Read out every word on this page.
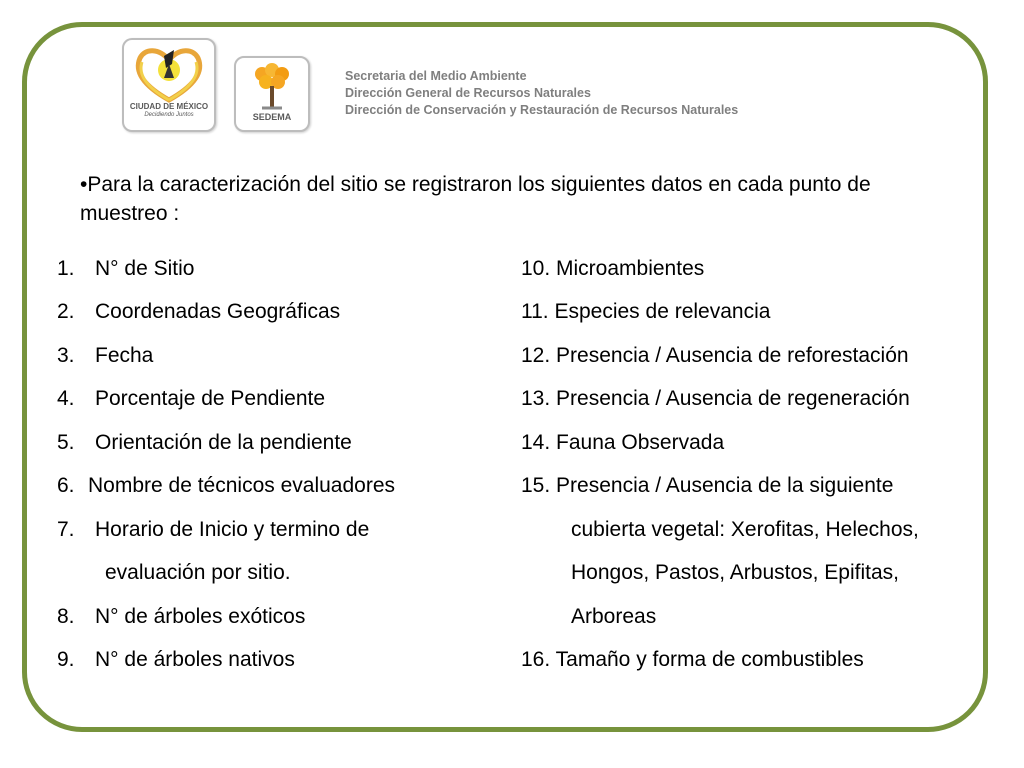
CIUDAD DE MÉXICO
Decidiendo Juntos	SEDEMA
Secretaria del Medio Ambiente
Dirección General de Recursos Naturales
Dirección de Conservación y Restauración de Recursos Naturales
•Para la caracterización del sitio se registraron los siguientes datos en cada punto de muestreo :
1. N° de Sitio
2. Coordenadas Geográficas
3. Fecha
4. Porcentaje de Pendiente
5. Orientación de la pendiente
6. Nombre de técnicos evaluadores
7. Horario de Inicio y termino de
evaluación por sitio.
8. N° de árboles exóticos
9. N° de árboles nativos
10. Microambientes
11. Especies de relevancia
12. Presencia / Ausencia de reforestación
13. Presencia / Ausencia de regeneración
14. Fauna Observada
15. Presencia / Ausencia de la siguiente
cubierta vegetal: Xerofitas, Helechos,
Hongos, Pastos, Arbustos, Epifitas,
Arboreas
16. Tamaño y forma de combustibles
